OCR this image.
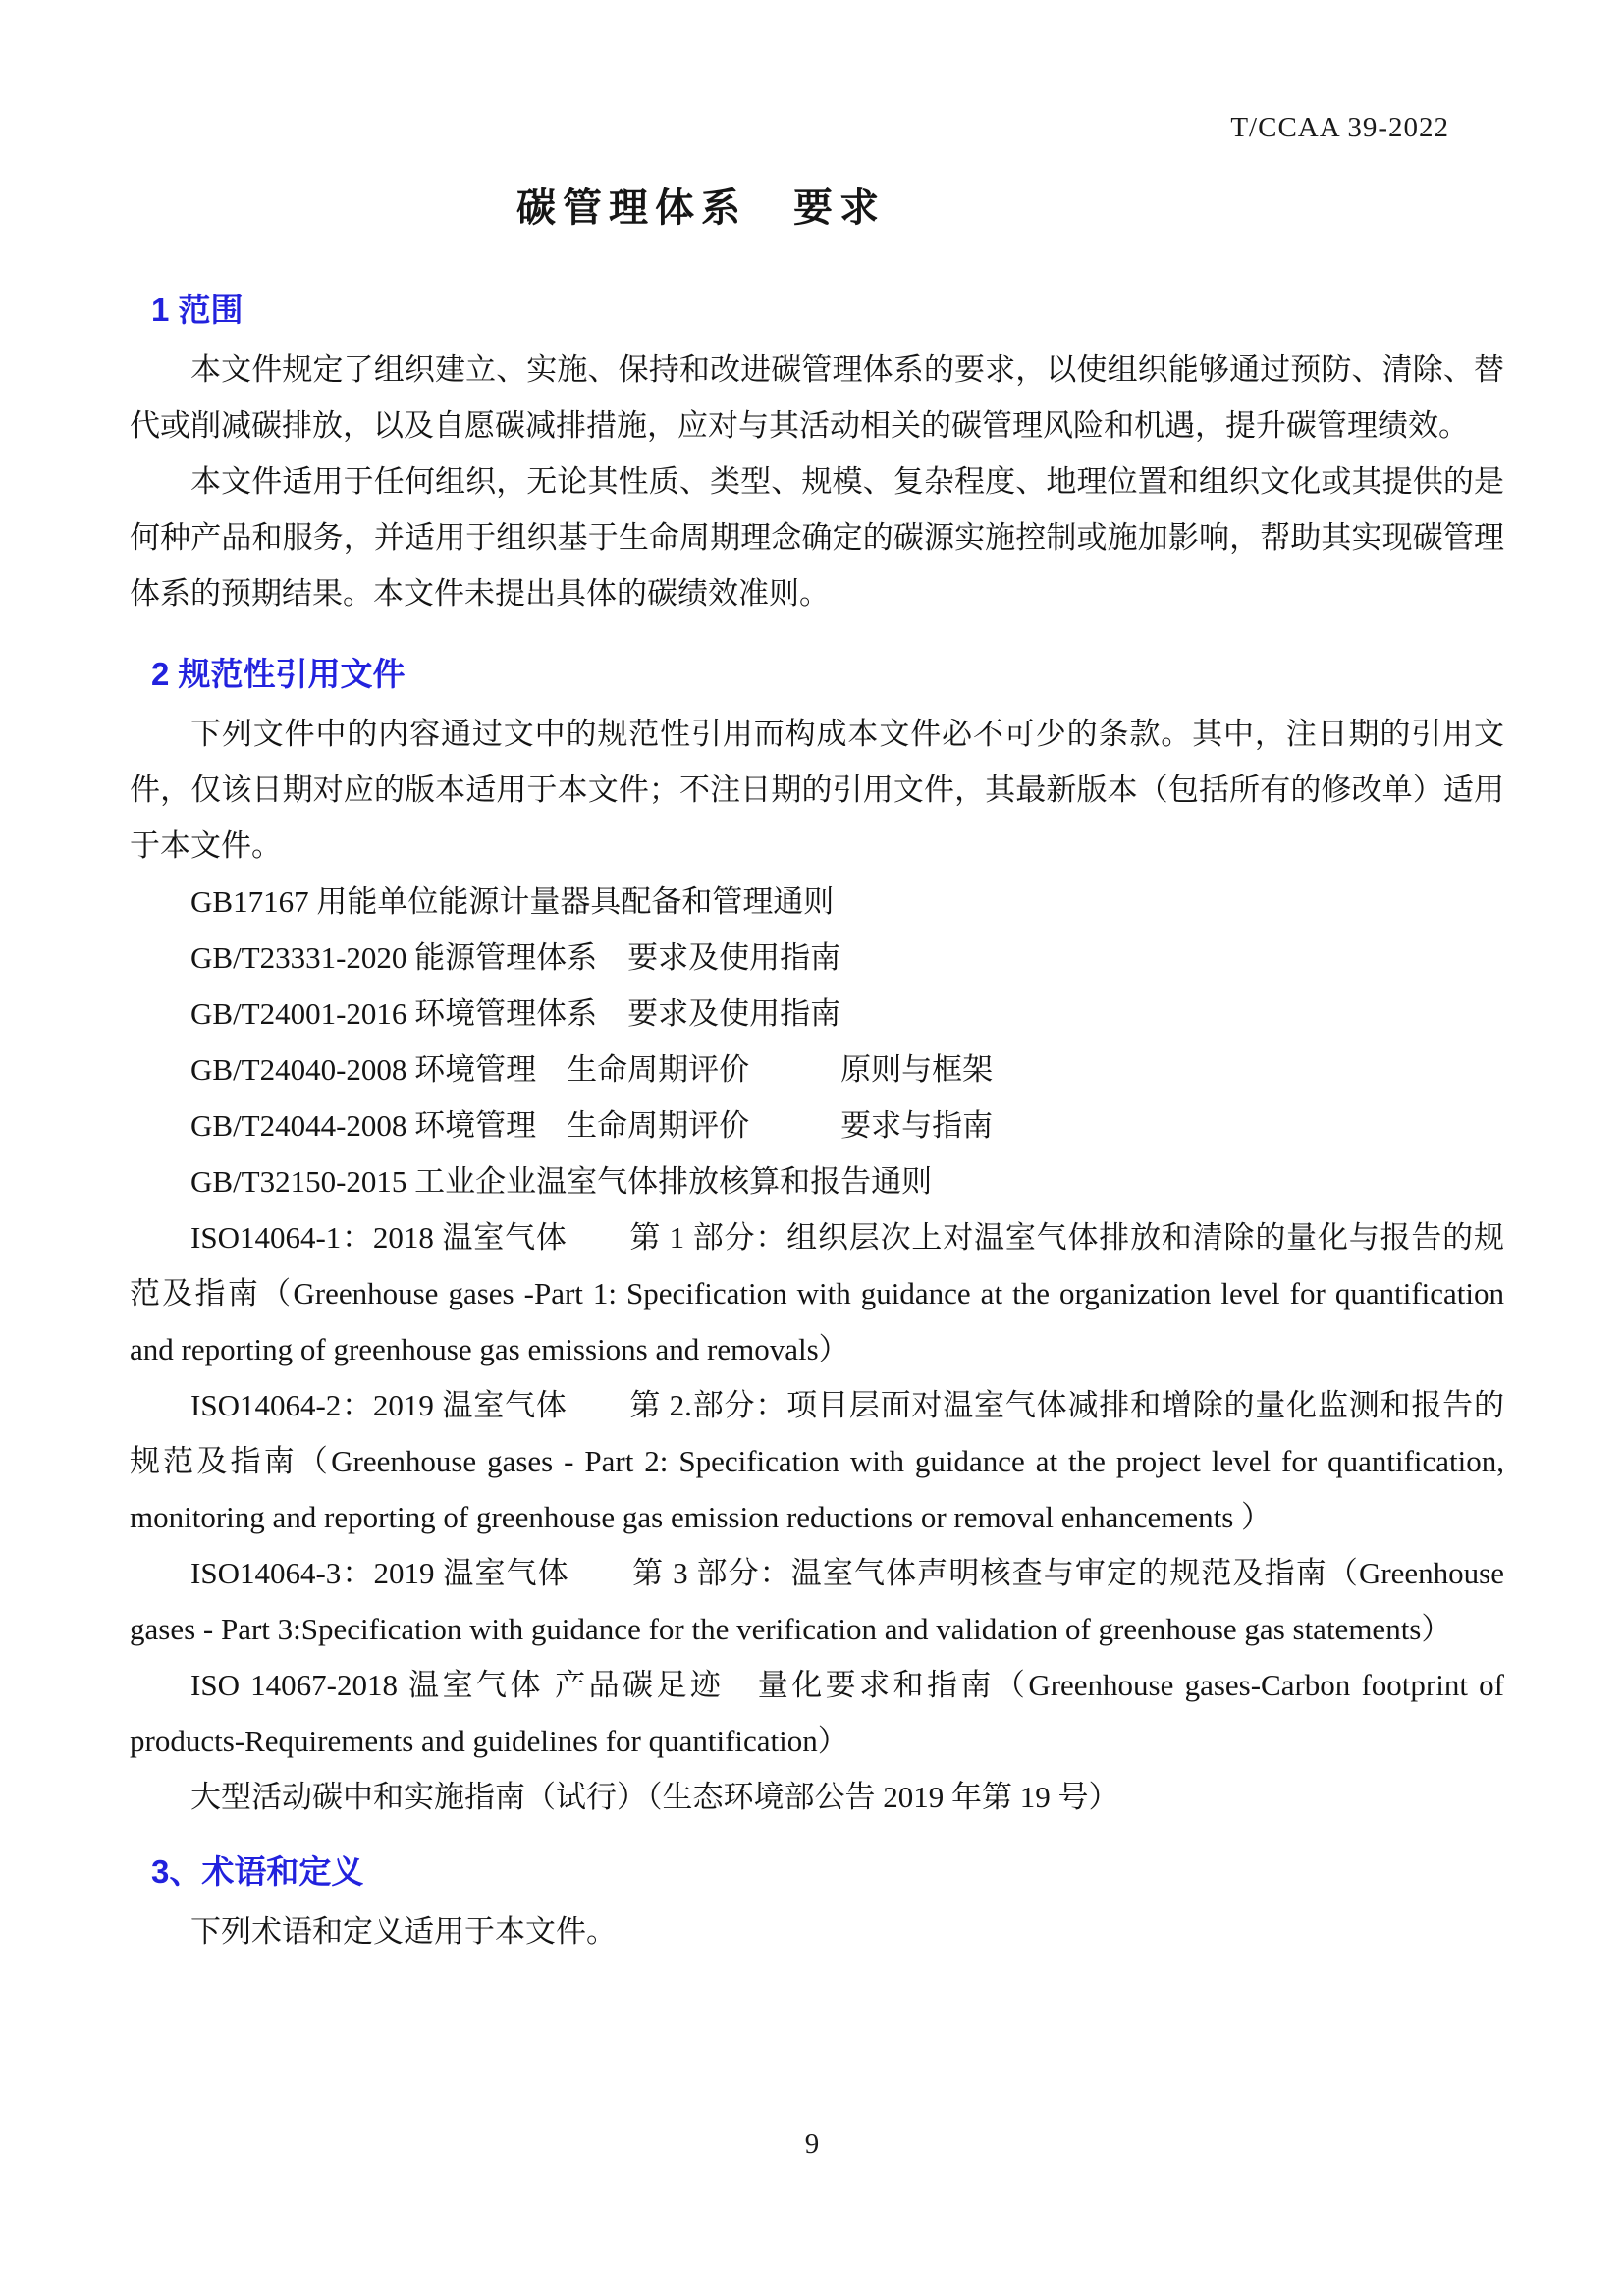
T/CCAA 39-2022
碳管理体系　要求
1 范围

本文件规定了组织建立、实施、保持和改进碳管理体系的要求，以使组织能够通过预防、清除、替代或削减碳排放，以及自愿碳减排措施，应对与其活动相关的碳管理风险和机遇，提升碳管理绩效。

本文件适用于任何组织，无论其性质、类型、规模、复杂程度、地理位置和组织文化或其提供的是何种产品和服务，并适用于组织基于生命周期理念确定的碳源实施控制或施加影响，帮助其实现碳管理体系的预期结果。本文件未提出具体的碳绩效准则。

2 规范性引用文件

下列文件中的内容通过文中的规范性引用而构成本文件必不可少的条款。其中，注日期的引用文件，仅该日期对应的版本适用于本文件；不注日期的引用文件，其最新版本（包括所有的修改单）适用于本文件。

GB17167 用能单位能源计量器具配备和管理通则

GB/T23331-2020 能源管理体系　要求及使用指南

GB/T24001-2016 环境管理体系　要求及使用指南

GB/T24040-2008 环境管理　生命周期评价　　　原则与框架

GB/T24044-2008 环境管理　生命周期评价　　　要求与指南

GB/T32150-2015 工业企业温室气体排放核算和报告通则

ISO14064-1：2018 温室气体　　第 1 部分：组织层次上对温室气体排放和清除的量化与报告的规范及指南（Greenhouse gases -Part 1: Specification with guidance at the organization level for quantification and reporting of greenhouse gas emissions and removals）

ISO14064-2：2019 温室气体　　第 2.部分：项目层面对温室气体减排和增除的量化监测和报告的规范及指南（Greenhouse gases - Part 2: Specification with guidance at the project level for quantification, monitoring and reporting of greenhouse gas emission reductions or removal enhancements ）

ISO14064-3：2019 温室气体　　第 3 部分：温室气体声明核查与审定的规范及指南（Greenhouse gases - Part 3:Specification with guidance for the verification and validation of greenhouse gas statements）

ISO 14067-2018 温室气体 产品碳足迹　量化要求和指南（Greenhouse gases-Carbon footprint of products-Requirements and guidelines for quantification）

大型活动碳中和实施指南（试行）（生态环境部公告 2019 年第 19 号）

3、术语和定义

下列术语和定义适用于本文件。

9
